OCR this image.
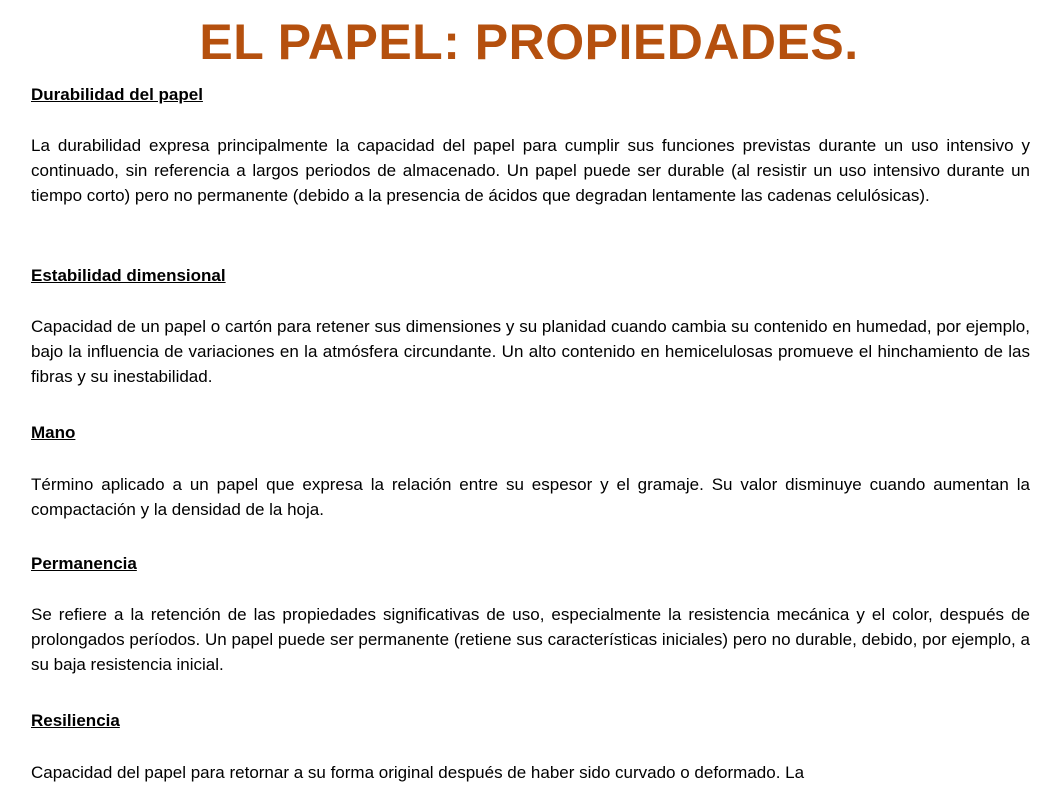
EL PAPEL: PROPIEDADES.

Durabilidad del papel

La durabilidad expresa principalmente la capacidad del papel para cumplir sus funciones previstas durante un uso intensivo y continuado, sin referencia a largos periodos de almacenado. Un papel puede ser durable (al resistir un uso intensivo durante un tiempo corto) pero no permanente (debido a la presencia de ácidos que degradan lentamente las cadenas celulósicas).

Estabilidad dimensional

Capacidad de un papel o cartón para retener sus dimensiones y su planidad cuando cambia su contenido en humedad, por ejemplo, bajo la influencia de variaciones en la atmósfera circundante. Un alto contenido en hemicelulosas promueve el hinchamiento de las fibras y su inestabilidad.

Mano

Término aplicado a un papel que expresa la relación entre su espesor y el gramaje. Su valor disminuye cuando aumentan la compactación y la densidad de la hoja.

Permanencia

Se refiere a la retención de las propiedades significativas de uso, especialmente la resistencia mecánica y el color, después de prolongados períodos. Un papel puede ser permanente (retiene sus características iniciales) pero no durable, debido, por ejemplo, a su baja resistencia inicial.

Resiliencia

Capacidad del papel para retornar a su forma original después de haber sido curvado o deformado. La
